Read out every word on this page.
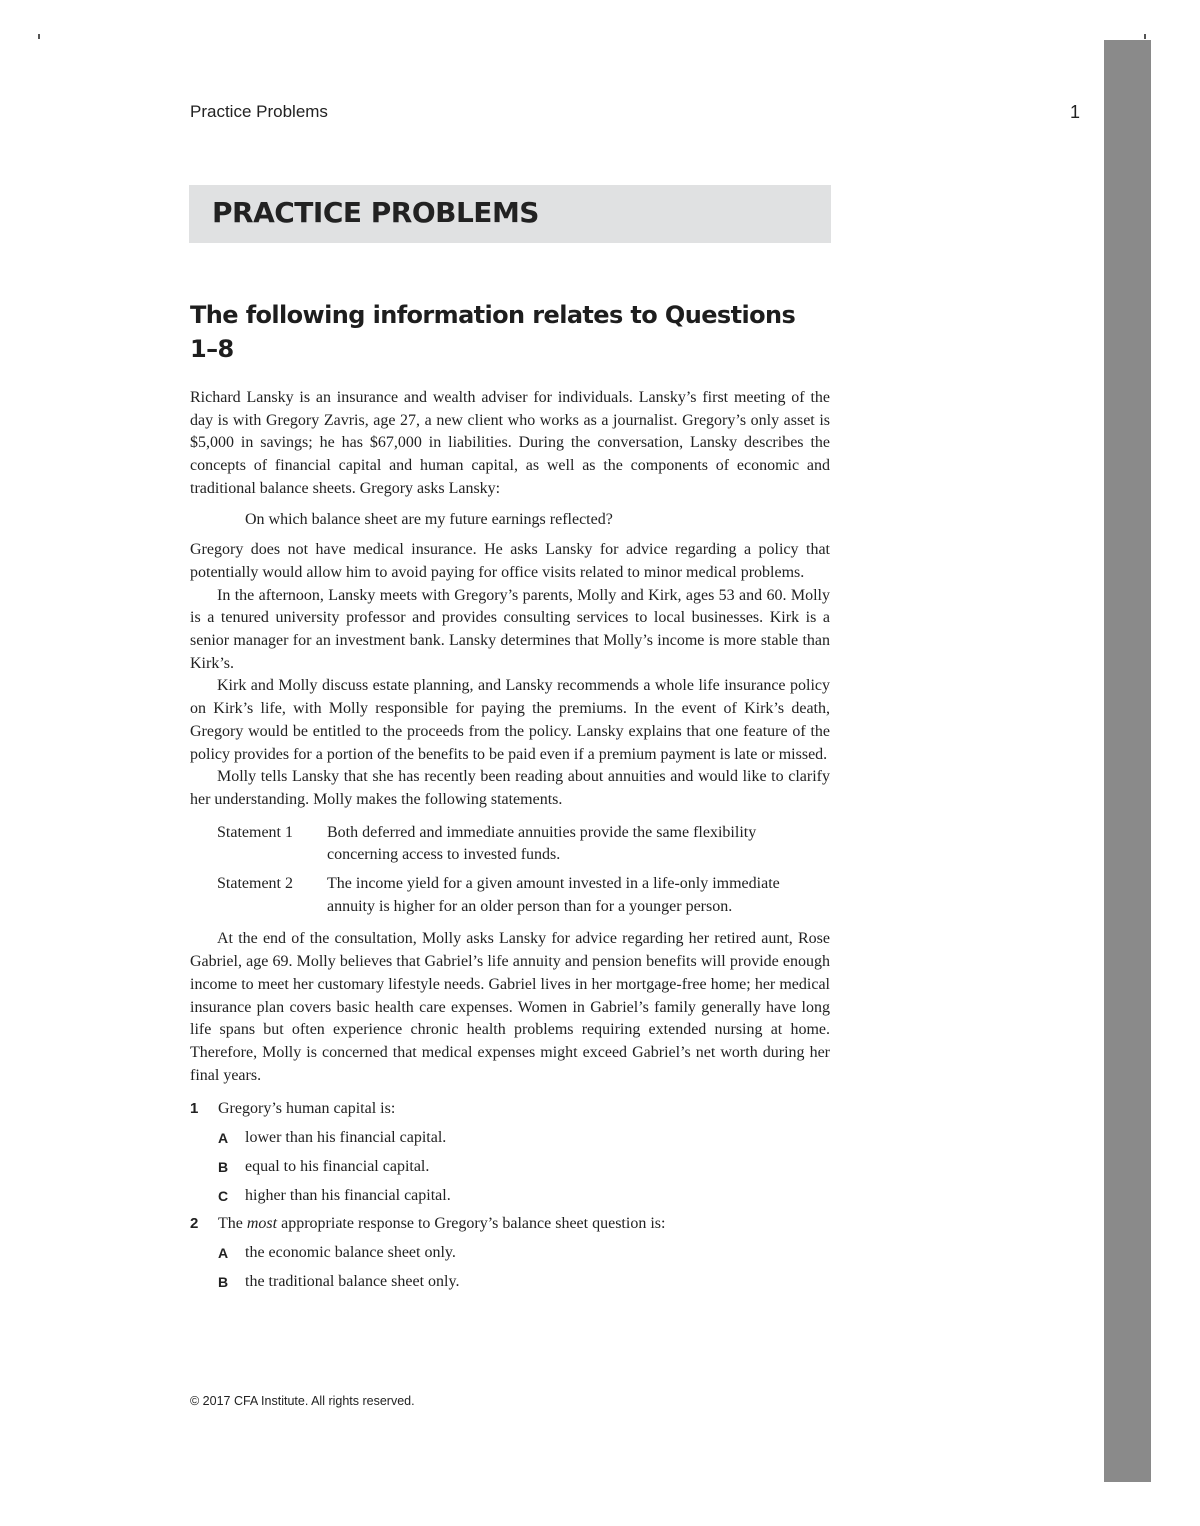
Practice Problems	1
PRACTICE PROBLEMS
The following information relates to Questions 1–8

Richard Lansky is an insurance and wealth adviser for individuals. Lansky’s first meeting of the day is with Gregory Zavris, age 27, a new client who works as a journalist. Gregory’s only asset is $5,000 in savings; he has $67,000 in liabilities. During the conversation, Lansky describes the concepts of financial capital and human capital, as well as the components of economic and traditional balance sheets. Gregory asks Lansky:

On which balance sheet are my future earnings reflected?

Gregory does not have medical insurance. He asks Lansky for advice regarding a policy that potentially would allow him to avoid paying for office visits related to minor medical problems.

In the afternoon, Lansky meets with Gregory’s parents, Molly and Kirk, ages 53 and 60. Molly is a tenured university professor and provides consulting services to local businesses. Kirk is a senior manager for an investment bank. Lansky determines that Molly’s income is more stable than Kirk’s.

Kirk and Molly discuss estate planning, and Lansky recommends a whole life insurance policy on Kirk’s life, with Molly responsible for paying the premiums. In the event of Kirk’s death, Gregory would be entitled to the proceeds from the policy. Lansky explains that one feature of the policy provides for a portion of the benefits to be paid even if a premium payment is late or missed.

Molly tells Lansky that she has recently been reading about annuities and would like to clarify her understanding. Molly makes the following statements.

Statement 1	Both deferred and immediate annuities provide the same flexibility concerning access to invested funds.
Statement 2	The income yield for a given amount invested in a life-only immediate annuity is higher for an older person than for a younger person.

At the end of the consultation, Molly asks Lansky for advice regarding her retired aunt, Rose Gabriel, age 69. Molly believes that Gabriel’s life annuity and pension benefits will provide enough income to meet her customary lifestyle needs. Gabriel lives in her mortgage-free home; her medical insurance plan covers basic health care expenses. Women in Gabriel’s family generally have long life spans but often experience chronic health problems requiring extended nursing at home. Therefore, Molly is concerned that medical expenses might exceed Gabriel’s net worth during her final years.

1	Gregory’s human capital is:
A	lower than his financial capital.
B	equal to his financial capital.
C	higher than his financial capital.
2	The most appropriate response to Gregory’s balance sheet question is:
A	the economic balance sheet only.
B	the traditional balance sheet only.
© 2017 CFA Institute. All rights reserved.
